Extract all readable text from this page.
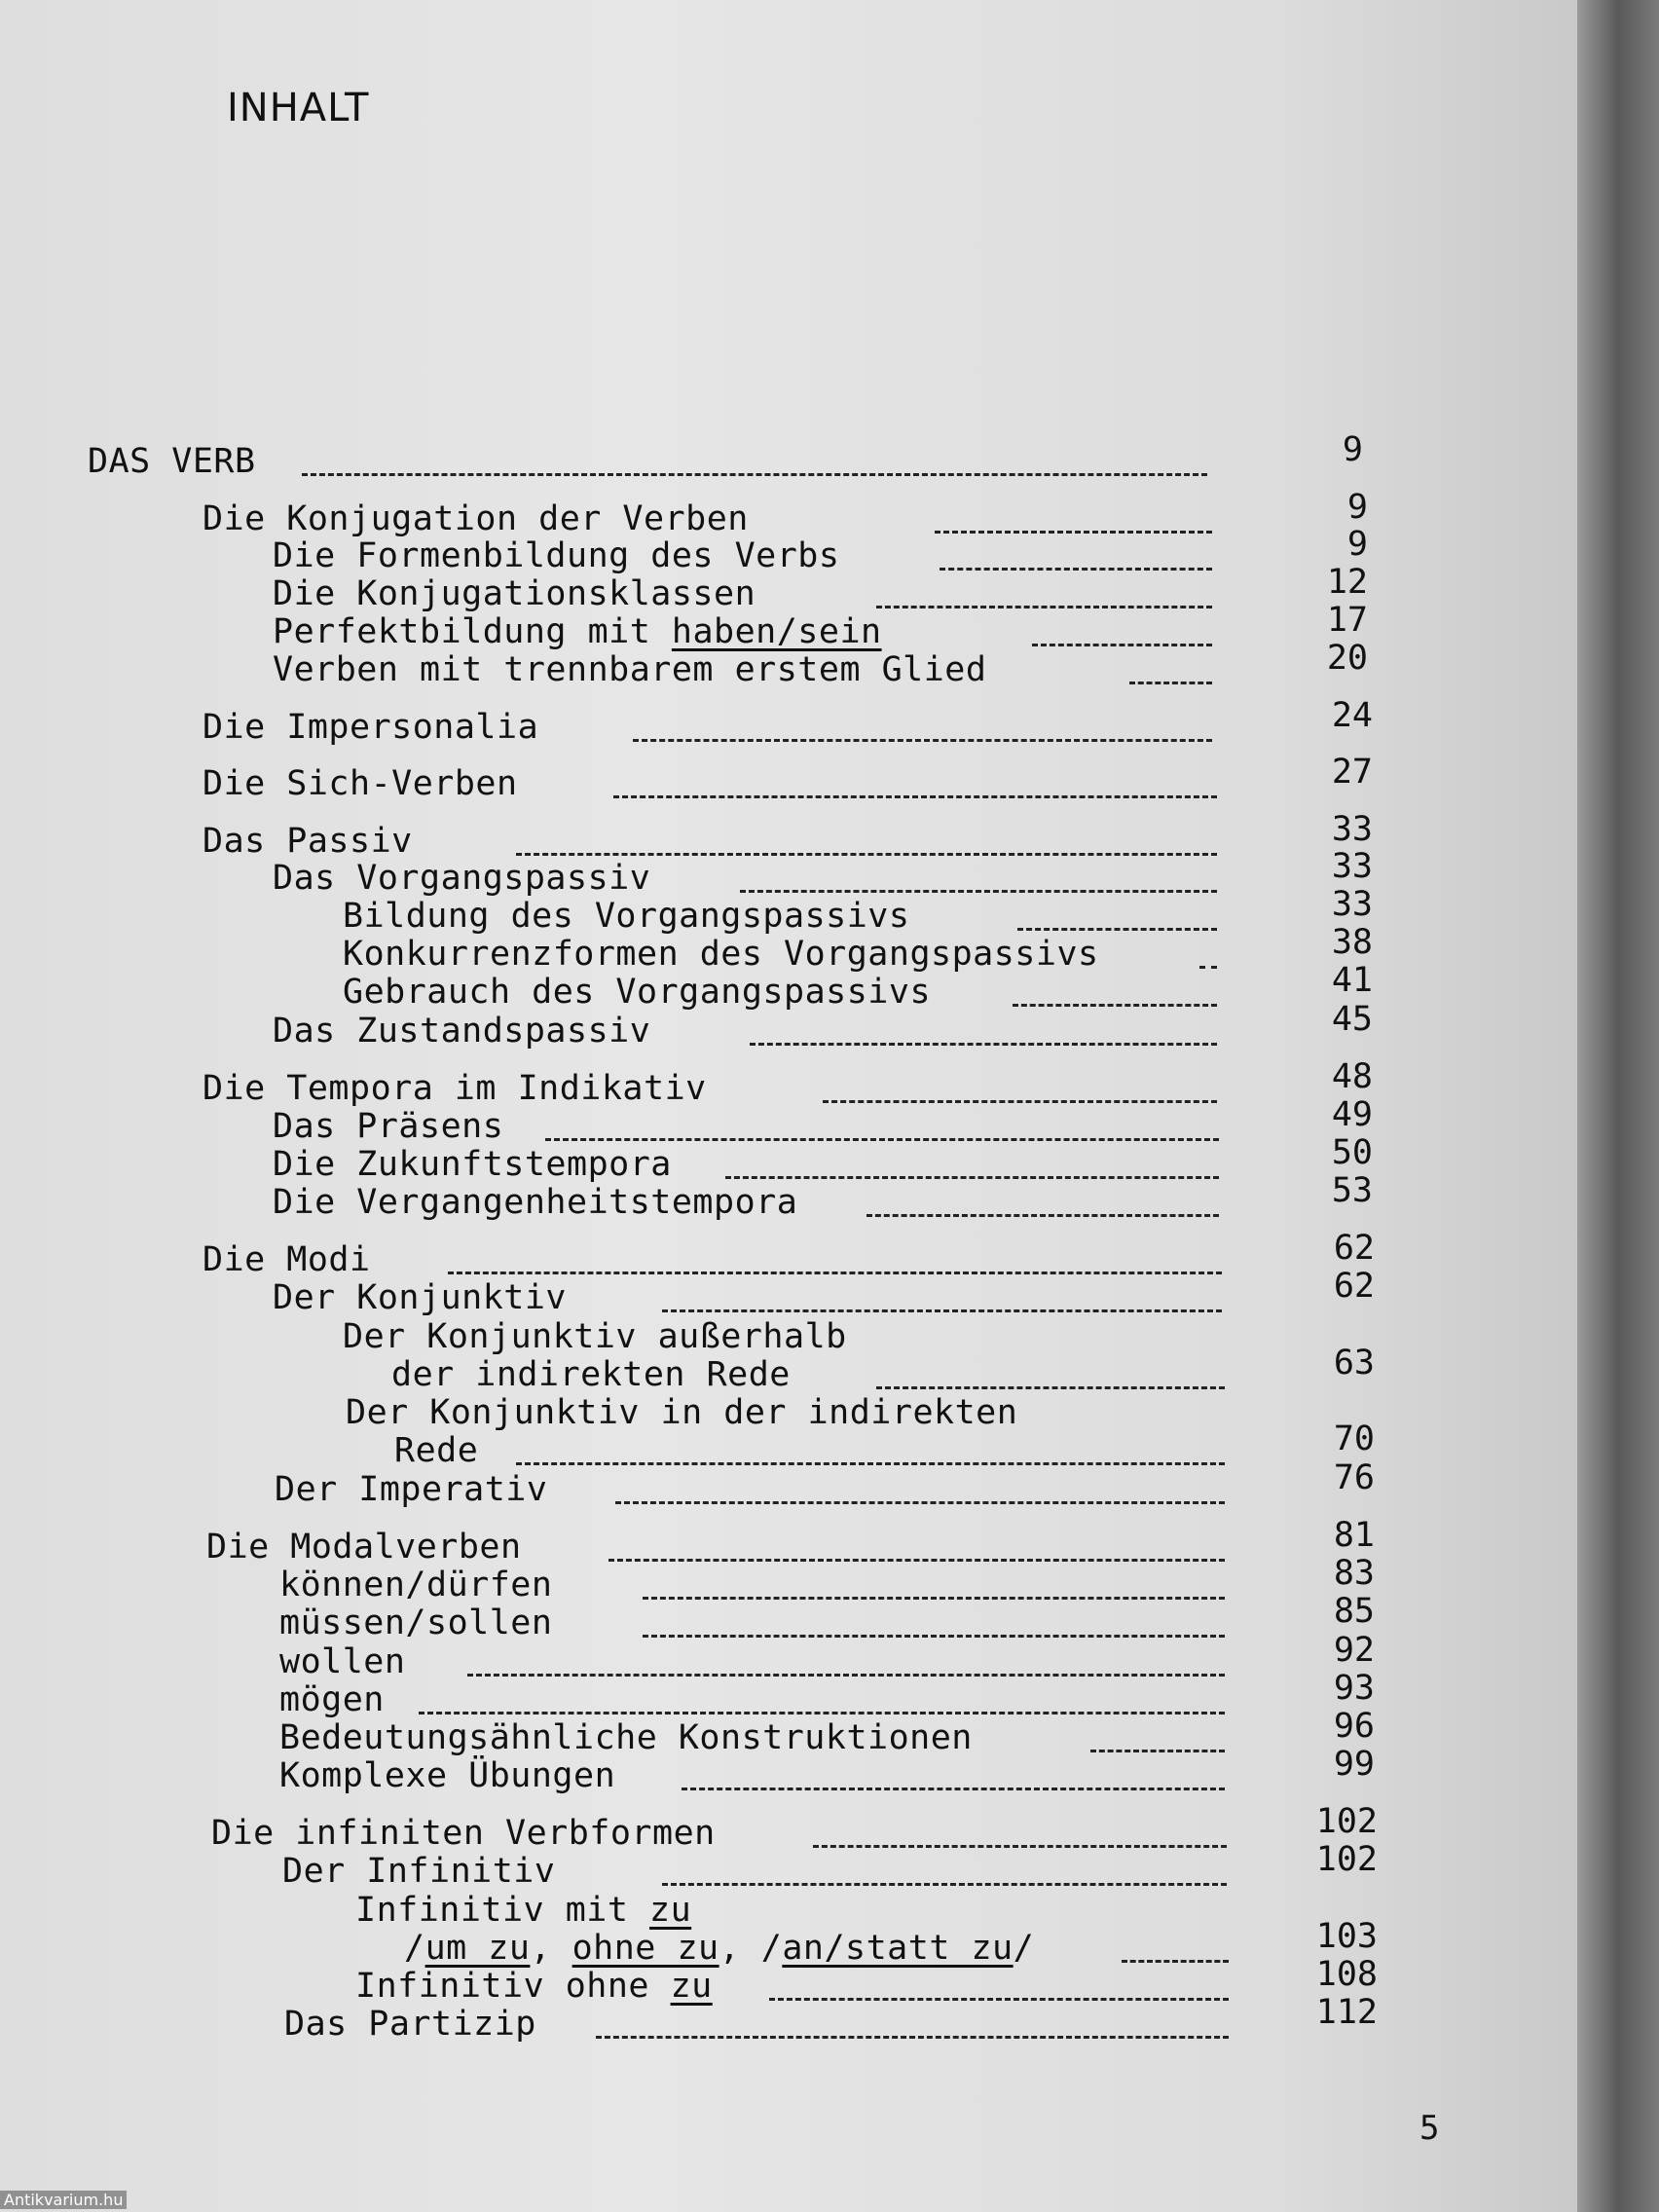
INHALT
DAS VERB	9
Die Konjugation der Verben	9
Die Formenbildung des Verbs	9
Die Konjugationsklassen	12
Perfektbildung mit haben/sein	17
Verben mit trennbarem erstem Glied	20
Die Impersonalia	24
Die Sich-Verben	27
Das Passiv	33
Das Vorgangspassiv	33
Bildung des Vorgangspassivs	33
Konkurrenzformen des Vorgangspassivs	38
Gebrauch des Vorgangspassivs	41
Das Zustandspassiv	45
Die Tempora im Indikativ	48
Das Präsens	49
Die Zukunftstempora	50
Die Vergangenheitstempora	53
Die Modi	62
Der Konjunktiv	62
Der Konjunktiv außerhalb
der indirekten Rede	63
Der Konjunktiv in der indirekten
Rede	70
Der Imperativ	76
Die Modalverben	81
können/dürfen	83
müssen/sollen	85
wollen	92
mögen	93
Bedeutungsähnliche Konstruktionen	96
Komplexe Übungen	99
Die infiniten Verbformen	102
Der Infinitiv	102
Infinitiv mit zu
/um zu, ohne zu, /an/statt zu/	103
Infinitiv ohne zu	108
Das Partizip	112
5
Antikvarium.hu
